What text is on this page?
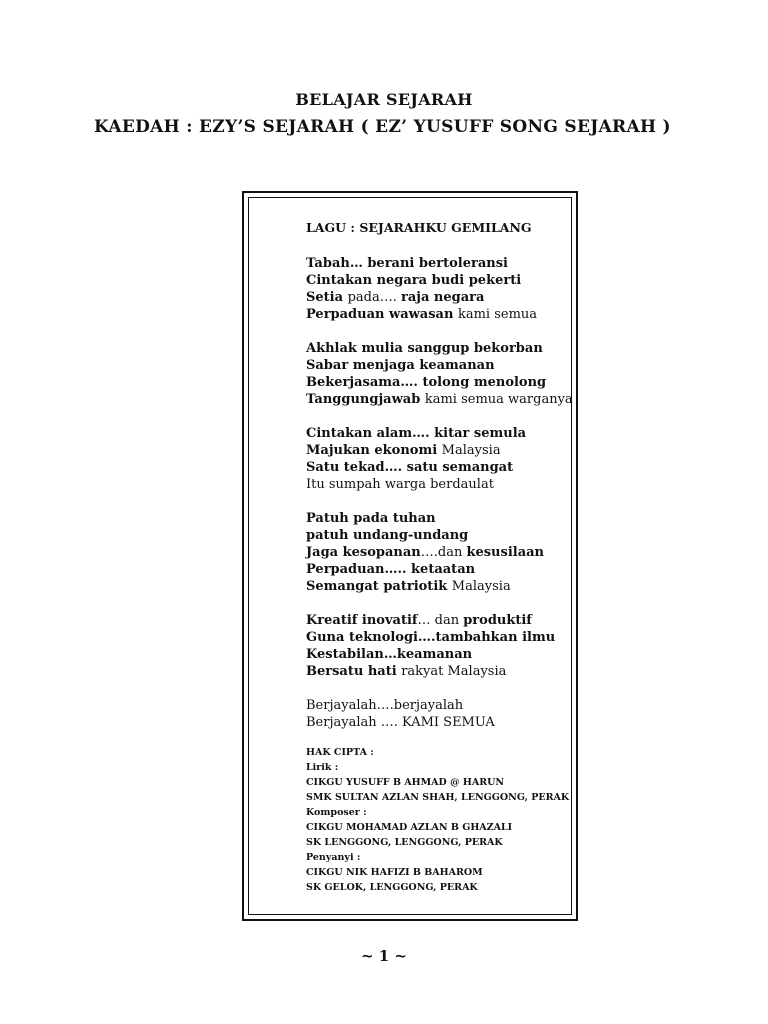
BELAJAR SEJARAH
KAEDAH : EZY’S SEJARAH ( EZ’ YUSUFF SONG SEJARAH )
LAGU : SEJARAHKU GEMILANG
Tabah… berani bertoleransi
Cintakan negara budi pekerti
Setia pada…. raja negara
Perpaduan wawasan kami semua
Akhlak mulia sanggup bekorban
Sabar menjaga keamanan
Bekerjasama…. tolong menolong
Tanggungjawab kami semua warganya
Cintakan alam…. kitar semula
Majukan ekonomi Malaysia
Satu tekad…. satu semangat
Itu sumpah warga berdaulat
Patuh pada tuhan
patuh undang-undang
Jaga kesopanan….dan kesusilaan
Perpaduan….. ketaatan
Semangat patriotik Malaysia
Kreatif inovatif… dan produktif
Guna teknologi….tambahkan ilmu
Kestabilan…keamanan
Bersatu hati rakyat Malaysia
Berjayalah….berjayalah
Berjayalah …. KAMI SEMUA
HAK CIPTA :
Lirik :
CIKGU YUSUFF B AHMAD @ HARUN
SMK SULTAN AZLAN SHAH, LENGGONG, PERAK
Komposer :
CIKGU MOHAMAD AZLAN B GHAZALI
SK LENGGONG, LENGGONG, PERAK
Penyanyi :
CIKGU NIK HAFIZI B BAHAROM
SK GELOK, LENGGONG, PERAK
~ 1 ~
